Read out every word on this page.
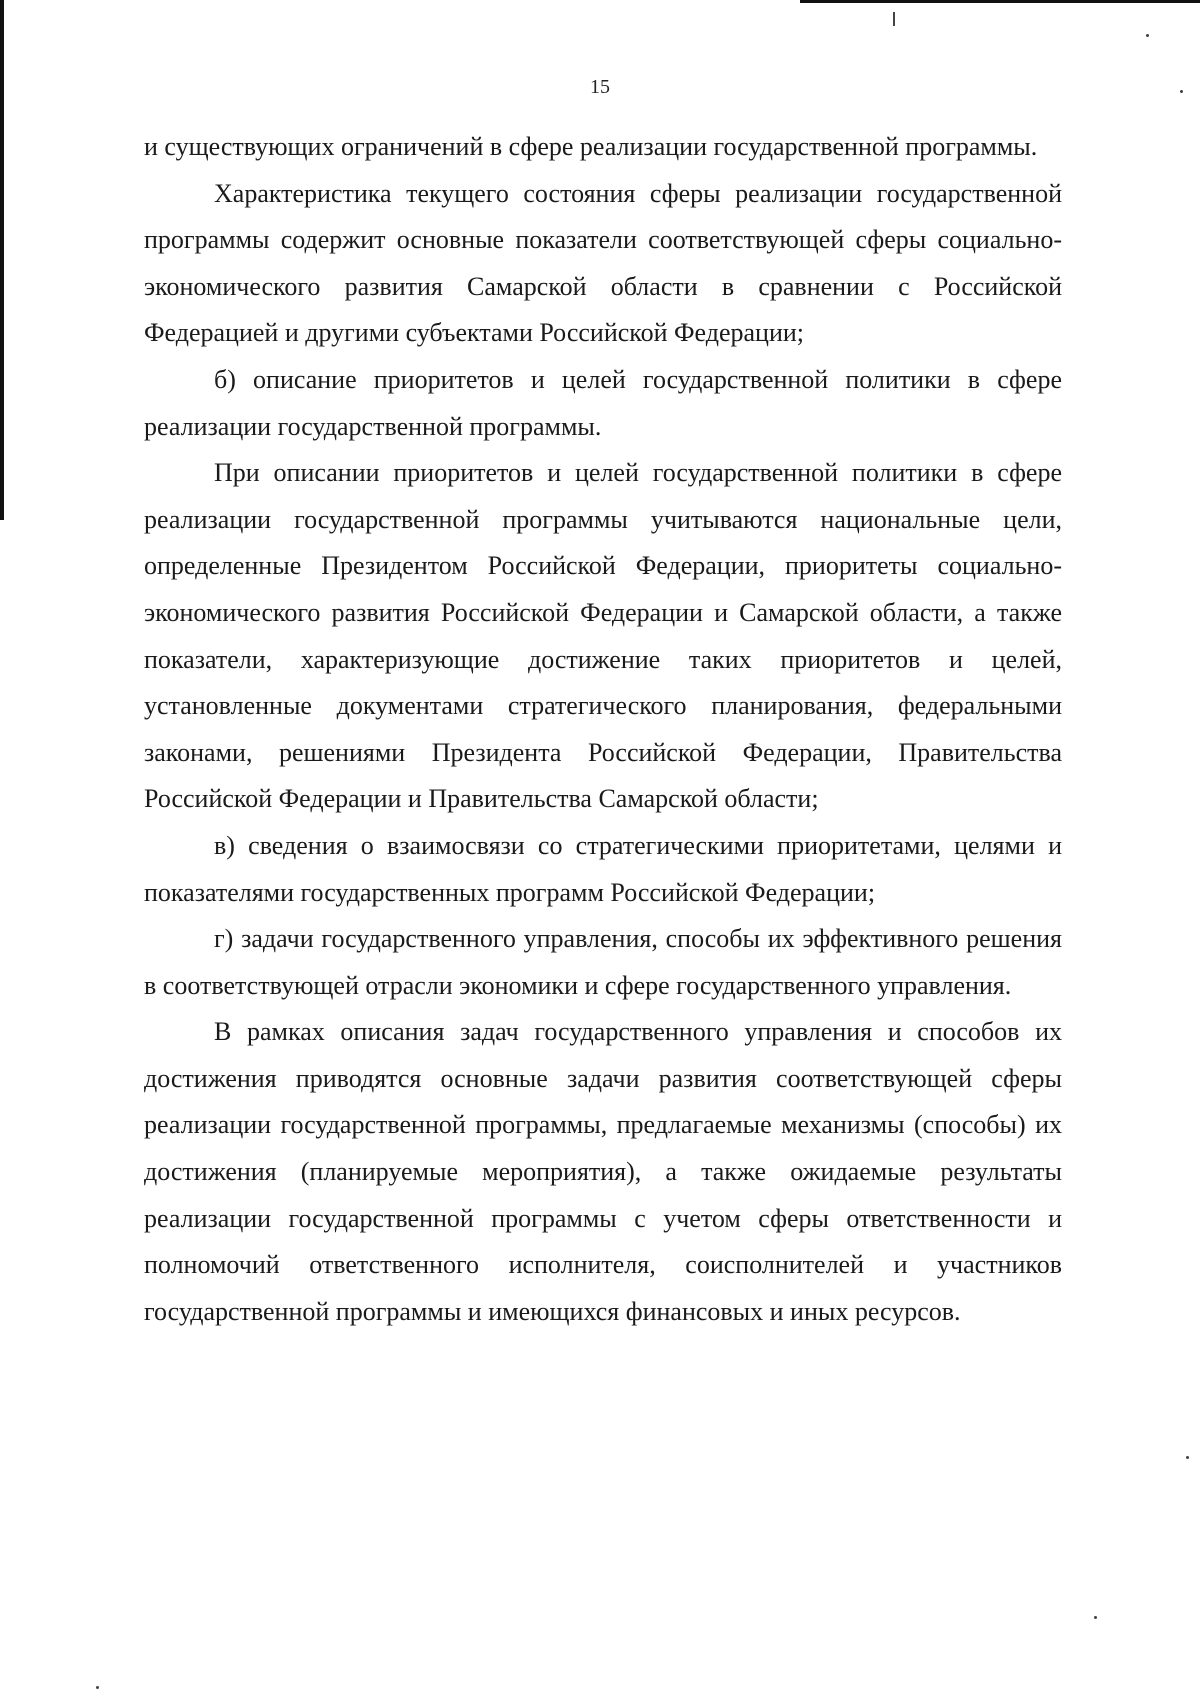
15

и существующих ограничений в сфере реализации государственной программы.

Характеристика текущего состояния сферы реализации государственной программы содержит основные показатели соответствующей сферы социально-экономического развития Самарской области в сравнении с Российской Федерацией и другими субъектами Российской Федерации;

б) описание приоритетов и целей государственной политики в сфере реализации государственной программы.

При описании приоритетов и целей государственной политики в сфере реализации государственной программы учитываются национальные цели, определенные Президентом Российской Федерации, приоритеты социально-экономического развития Российской Федерации и Самарской области, а также показатели, характеризующие достижение таких приоритетов и целей, установленные документами стратегического планирования, федеральными законами, решениями Президента Российской Федерации, Правительства Российской Федерации и Правительства Самарской области;

в) сведения о взаимосвязи со стратегическими приоритетами, целями и показателями государственных программ Российской Федерации;

г) задачи государственного управления, способы их эффективного решения в соответствующей отрасли экономики и сфере государственного управления.

В рамках описания задач государственного управления и способов их достижения приводятся основные задачи развития соответствующей сферы реализации государственной программы, предлагаемые механизмы (способы) их достижения (планируемые мероприятия), а также ожидаемые результаты реализации государственной программы с учетом сферы ответственности и полномочий ответственного исполнителя, соисполнителей и участников государственной программы и имеющихся финансовых и иных ресурсов.
